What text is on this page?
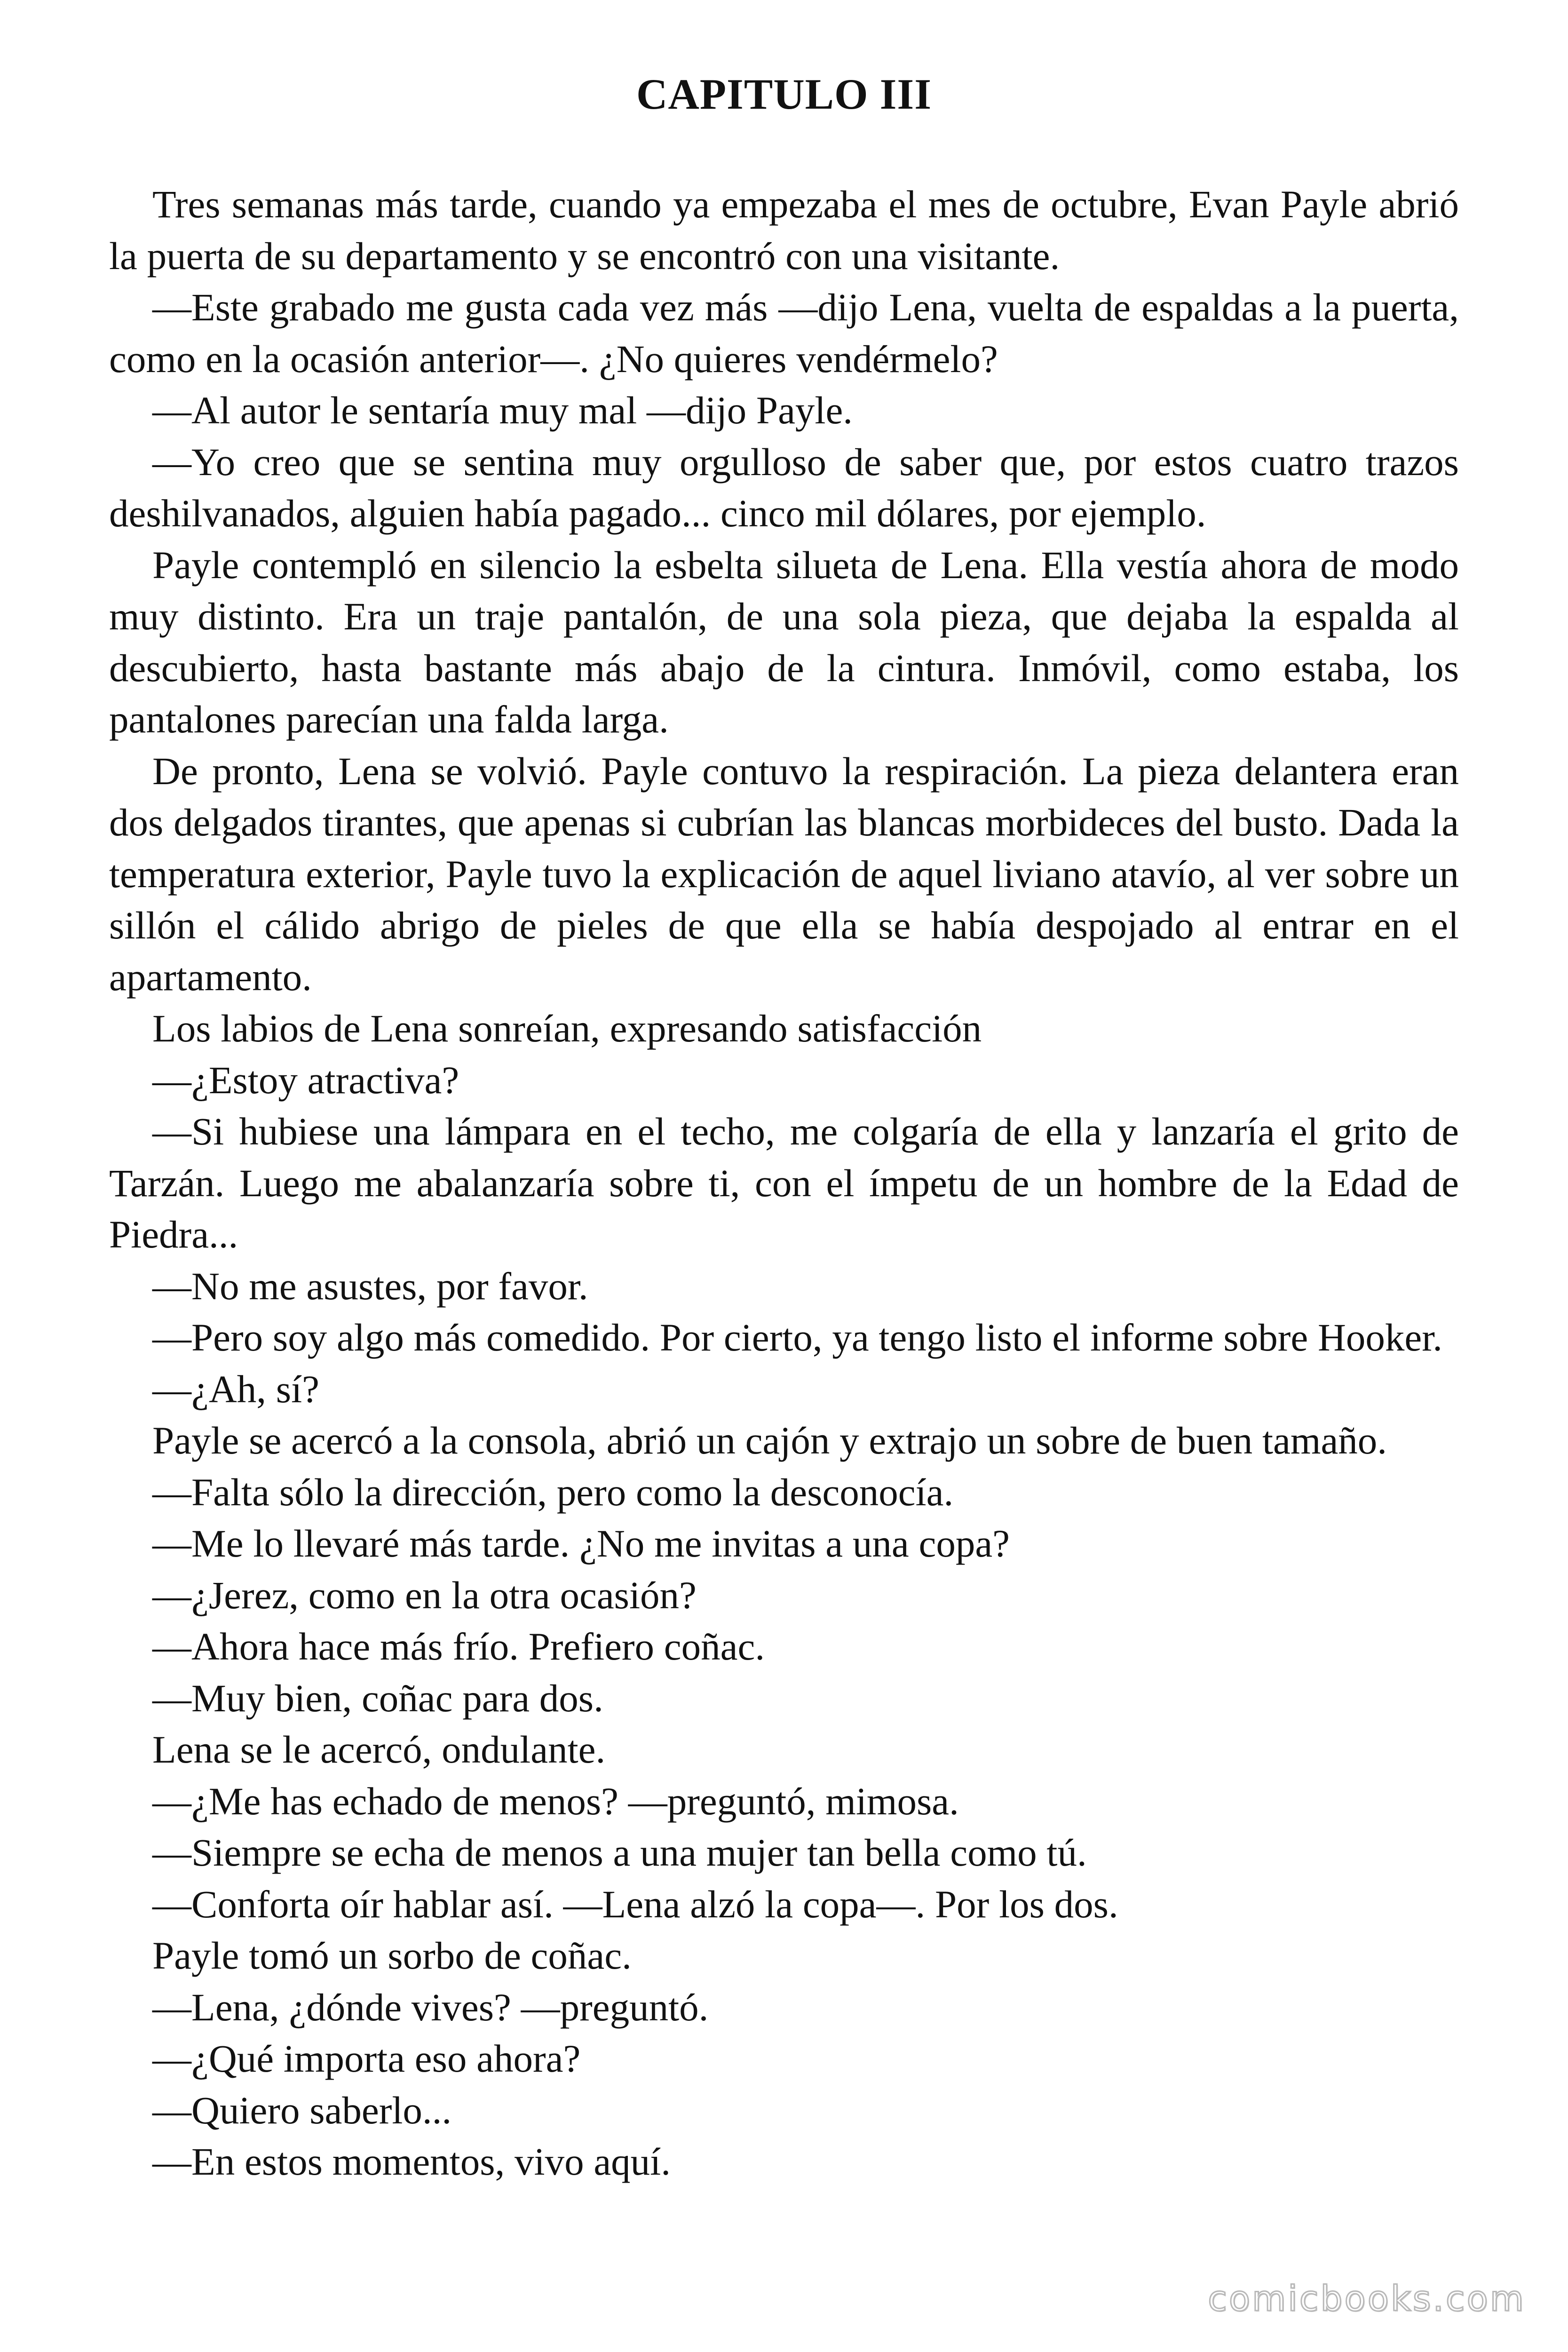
CAPITULO III

Tres semanas más tarde, cuando ya empezaba el mes de octubre, Evan Payle abrió la puerta de su departamento y se encontró con una visitante.

—Este grabado me gusta cada vez más —dijo Lena, vuelta de espaldas a la puerta, como en la ocasión anterior—. ¿No quieres vendérmelo?

—Al autor le sentaría muy mal —dijo Payle.

—Yo creo que se sentina muy orgulloso de saber que, por estos cuatro trazos deshilvanados, alguien había pagado... cinco mil dólares, por ejemplo.

Payle contempló en silencio la esbelta silueta de Lena. Ella vestía ahora de modo muy distinto. Era un traje pantalón, de una sola pieza, que dejaba la espalda al descubierto, hasta bastante más abajo de la cintura. Inmóvil, como estaba, los pantalones parecían una falda larga.

De pronto, Lena se volvió. Payle contuvo la respiración. La pieza delantera eran dos delgados tirantes, que apenas si cubrían las blancas morbideces del busto. Dada la temperatura exterior, Payle tuvo la explicación de aquel liviano atavío, al ver sobre un sillón el cálido abrigo de pieles de que ella se había despojado al entrar en el apartamento.

Los labios de Lena sonreían, expresando satisfacción

—¿Estoy atractiva?

—Si hubiese una lámpara en el techo, me colgaría de ella y lanzaría el grito de Tarzán. Luego me abalanzaría sobre ti, con el ímpetu de un hombre de la Edad de Piedra...

—No me asustes, por favor.

—Pero soy algo más comedido. Por cierto, ya tengo listo el informe sobre Hooker.

—¿Ah, sí?

Payle se acercó a la consola, abrió un cajón y extrajo un sobre de buen tamaño.

—Falta sólo la dirección, pero como la desconocía.

—Me lo llevaré más tarde. ¿No me invitas a una copa?

—¿Jerez, como en la otra ocasión?

—Ahora hace más frío. Prefiero coñac.

—Muy bien, coñac para dos.

Lena se le acercó, ondulante.

—¿Me has echado de menos? —preguntó, mimosa.

—Siempre se echa de menos a una mujer tan bella como tú.

—Conforta oír hablar así. —Lena alzó la copa—. Por los dos.

Payle tomó un sorbo de coñac.

—Lena, ¿dónde vives? —preguntó.

—¿Qué importa eso ahora?

—Quiero saberlo...

—En estos momentos, vivo aquí.

comicbooks.com
